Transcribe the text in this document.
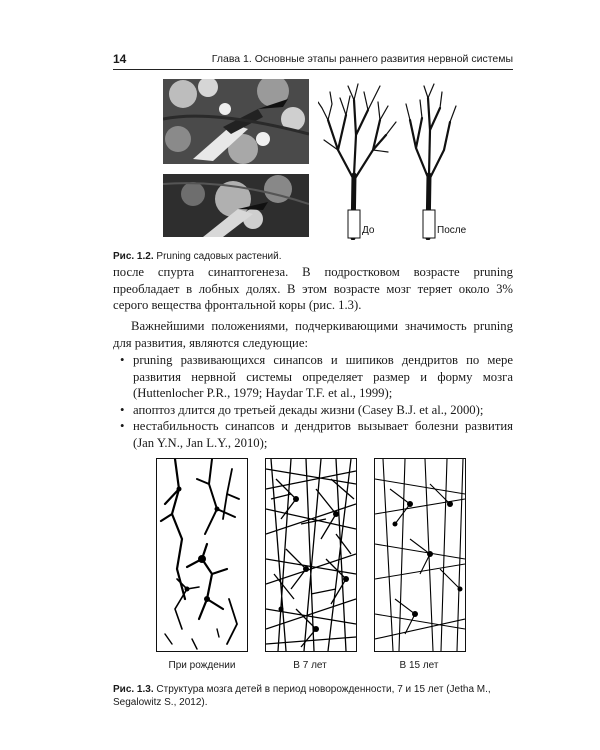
14	Глава 1. Основные этапы раннего развития нервной системы
До	После
Рис. 1.2. Pruning садовых растений.
после спурта синаптогенеза. В подростковом возрасте pruning преобладает в лобных долях. В этом возрасте мозг теряет около 3% серого вещества фронтальной коры (рис. 1.3).
Важнейшими положениями, подчеркивающими значимость pruning для развития, являются следующие:
• pruning развивающихся синапсов и шипиков дендритов по мере развития нервной системы определяет размер и форму мозга (Huttenlocher P.R., 1979; Haydar T.F. et al., 1999);
• апоптоз длится до третьей декады жизни (Casey B.J. et al., 2000);
• нестабильность синапсов и дендритов вызывает болезни развития (Jan Y.N., Jan L.Y., 2010);
При рождении	В 7 лет	В 15 лет
Рис. 1.3. Структура мозга детей в период новорожденности, 7 и 15 лет (Jetha M., Segalowitz S., 2012).
